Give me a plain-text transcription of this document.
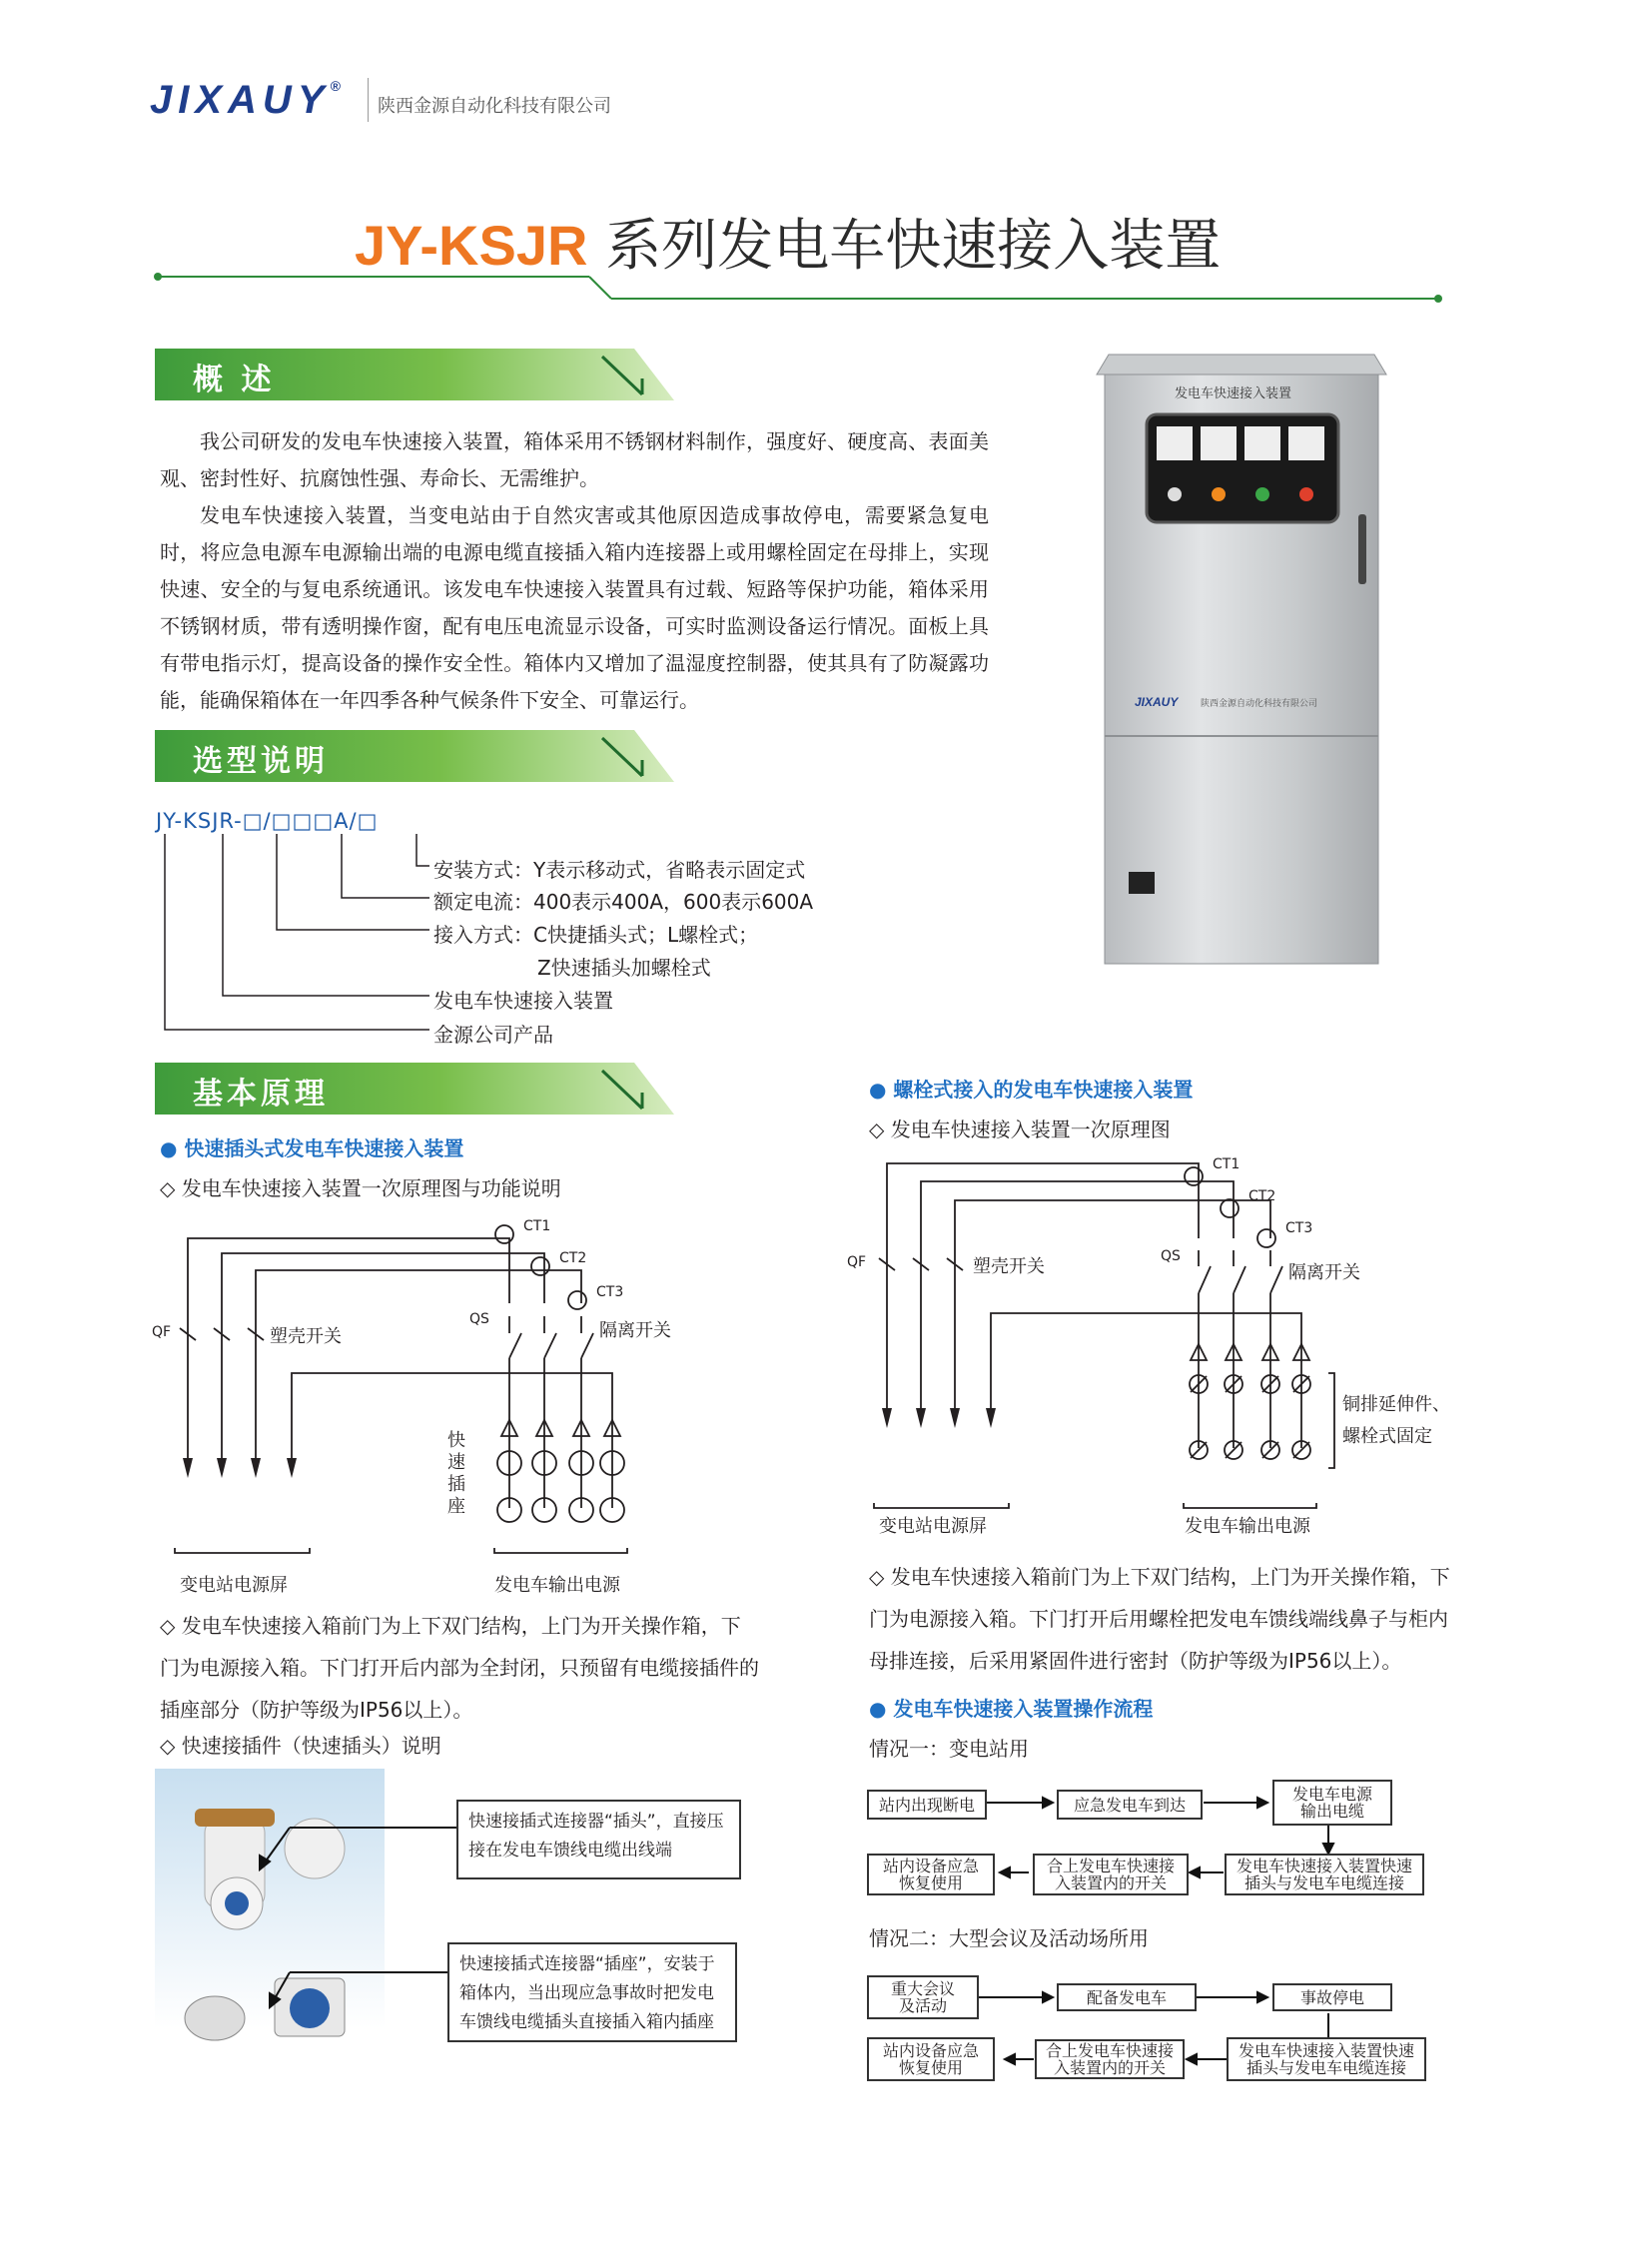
JIXAUY®
陕西金源自动化科技有限公司
JY-KSJR 系列发电车快速接入装置
概 述

我公司研发的发电车快速接入装置，箱体采用不锈钢材料制作，强度好、硬度高、表面美观、密封性好、抗腐蚀性强、寿命长、无需维护。

发电车快速接入装置，当变电站由于自然灾害或其他原因造成事故停电，需要紧急复电时，将应急电源车电源输出端的电源电缆直接插入箱内连接器上或用螺栓固定在母排上，实现快速、安全的与复电系统通讯。该发电车快速接入装置具有过载、短路等保护功能，箱体采用不锈钢材质，带有透明操作窗，配有电压电流显示设备，可实时监测设备运行情况。面板上具有带电指示灯，提高设备的操作安全性。箱体内又增加了温湿度控制器，使其具有了防凝露功能，能确保箱体在一年四季各种气候条件下安全、可靠运行。

发电车快速接入装置
JIXAUY	陕西金源自动化科技有限公司
选型说明
JY-KSJR-□/□□□A/□
安装方式：Y表示移动式，省略表示固定式
额定电流：400表示400A，600表示600A
接入方式：C快捷插头式；L螺栓式；
Z快速插头加螺栓式
发电车快速接入装置
金源公司产品
基本原理
● 快速插头式发电车快速接入装置
◇ 发电车快速接入装置一次原理图与功能说明
CT1
CT2
CT3
QF
QS
塑壳开关	隔离开关
快速插座
变电站电源屏	发电车输出电源
◇ 发电车快速接入箱前门为上下双门结构，上门为开关操作箱，下门为电源接入箱。下门打开后内部为全封闭，只预留有电缆接插件的插座部分（防护等级为IP56以上）。
◇ 快速接插件（快速插头）说明
快速接插式连接器“插头”，直接压接在发电车馈线电缆出线端
快速接插式连接器“插座”，安装于箱体内，当出现应急事故时把发电车馈线电缆插头直接插入箱内插座
● 螺栓式接入的发电车快速接入装置
◇ 发电车快速接入装置一次原理图
CT1
CT2
CT3
QF	QS
塑壳开关	隔离开关
铜排延伸件、
螺栓式固定
变电站电源屏	发电车输出电源
◇ 发电车快速接入箱前门为上下双门结构，上门为开关操作箱，下门为电源接入箱。下门打开后用螺栓把发电车馈线端线鼻子与柜内母排连接，后采用紧固件进行密封（防护等级为IP56以上）。
● 发电车快速接入装置操作流程
情况一：变电站用
站内出现断电	应急发电车到达
发电车电源
输出电缆
发电车快速接入装置快速
插头与发电车电缆连接
合上发电车快速接
入装置内的开关
站内设备应急
恢复使用
情况二：大型会议及活动场所用
重大会议
及活动	配备发电车	事故停电
发电车快速接入装置快速
插头与发电车电缆连接
合上发电车快速接
入装置内的开关
站内设备应急
恢复使用
